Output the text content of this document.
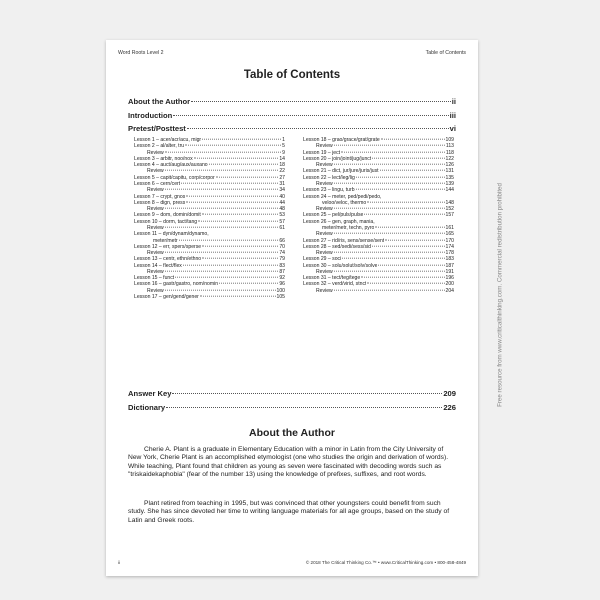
Word Roots Level 2	Table of Contents
Table of Contents
About the Author	ii
Introduction	iii
Pretest/Posttest	vi
Lesson 1 – acer/acr/acu, migr	1
Lesson 2 – al/alter, tru	5
Review	9
Lesson 3 – arbitr, noo/nox	14
Lesson 4 – auct/aug/aux/auxano	18
Review	22
Lesson 5 – capit/capitu, corp/corpor	27
Lesson 6 – cern/cert	31
Review	34
Lesson 7 – crypt, gnos	40
Lesson 8 – dign, press	44
Review	48
Lesson 9 – dom, domin/domit	53
Lesson 10 – dorm, tact/tang	57
Review	61
Lesson 11 – dyn/dynam/dynamo,
meter/metr	66
Lesson 12 – err, spers/sperse	70
Review	74
Lesson 13 – centr, ethn/ethno	79
Lesson 14 – flect/flex	83
Review	87
Lesson 15 – funct	92
Lesson 16 – gastr/gastro, nom/nomin	96
Review	100
Lesson 17 – gen/gend/gener	105
Lesson 18 – grao/grace/grat/grate	109
Review	113
Lesson 19 – ject	118
Lesson 20 – join/joint/jug/junct	122
Review	126
Lesson 21 – dict, jur/jure/juris/just	131
Lesson 22 – lect/leg/lig	135
Review	139
Lesson 23 – lingu, turb	144
Lesson 24 – meter, ped/pedi/pedo,
veloo/veloc, thermo	148
Review	152
Lesson 25 – pel/puls/pulse	157
Lesson 26 – gen, graph, mania,
meter/metr, techn, pyro	161
Review	165
Lesson 27 – rid/ris, sens/sense/sent	170
Lesson 28 – sed/sedi/sess/sid	174
Review	178
Lesson 29 – soci	183
Lesson 30 – solu/solut/solv/solve	187
Review	191
Lesson 31 – tect/teg/tege	196
Lesson 32 – verd/virid, stnct	200
Review	204
Answer Key	209
Dictionary	226
About the Author

Cherie A. Plant is a graduate in Elementary Education with a minor in Latin from the City University of New York, Cherie Plant is an accomplished etymologist (one who studies the origin and derivation of words). While teaching, Plant found that children as young as seven were fascinated with decoding words such as "triskaidekaphobia" (fear of the number 13) using the knowledge of prefixes, suffixes, and root words.

Plant retired from teaching in 1995, but was convinced that other youngsters could benefit from such study. She has since devoted her time to writing language materials for all age groups, based on the study of Latin and Greek roots.

ii	© 2018 The Critical Thinking Co.™ • www.CriticalThinking.com • 800-458-4849
Free resource from www.criticalthinking.com. Commercial redistribution prohibited
